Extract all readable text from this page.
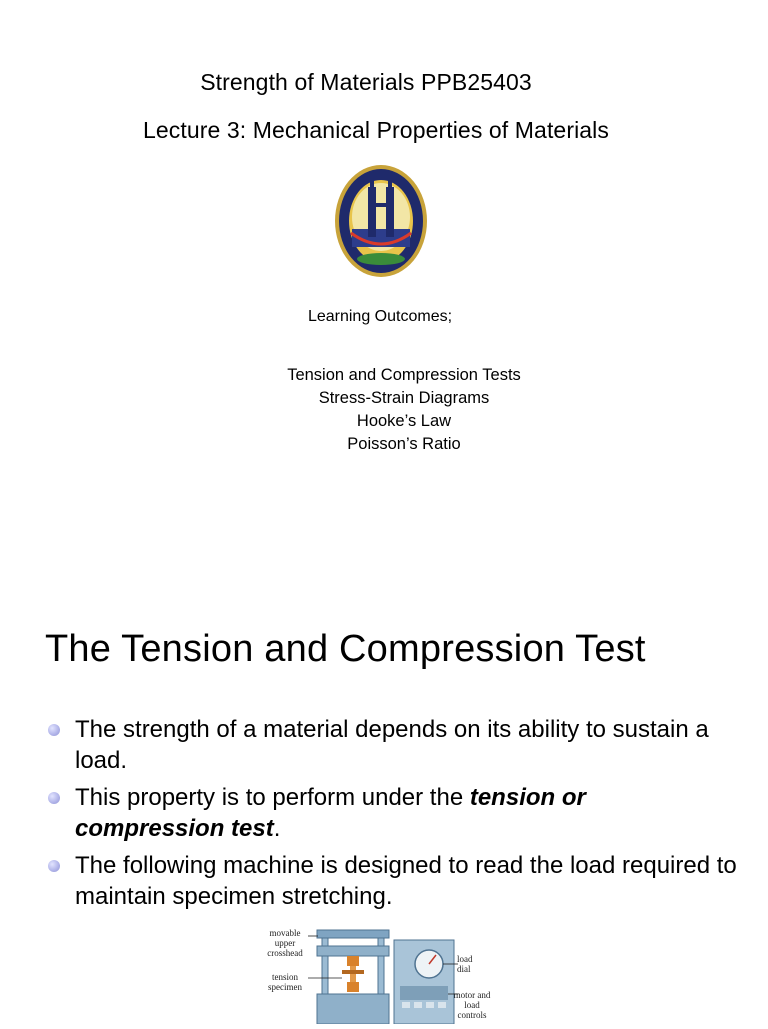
Strength of Materials PPB25403
Lecture 3: Mechanical Properties of Materials
Learning Outcomes;
Tension and Compression Tests
Stress-Strain Diagrams
Hooke’s Law
Poisson’s Ratio
The Tension and Compression Test
The strength of a material depends on its ability to sustain a load.
This property is to perform under the tension or compression test.
The following machine is designed to read the load required to maintain specimen stretching.
movable upper crosshead
tension specimen
load dial
motor and load controls
